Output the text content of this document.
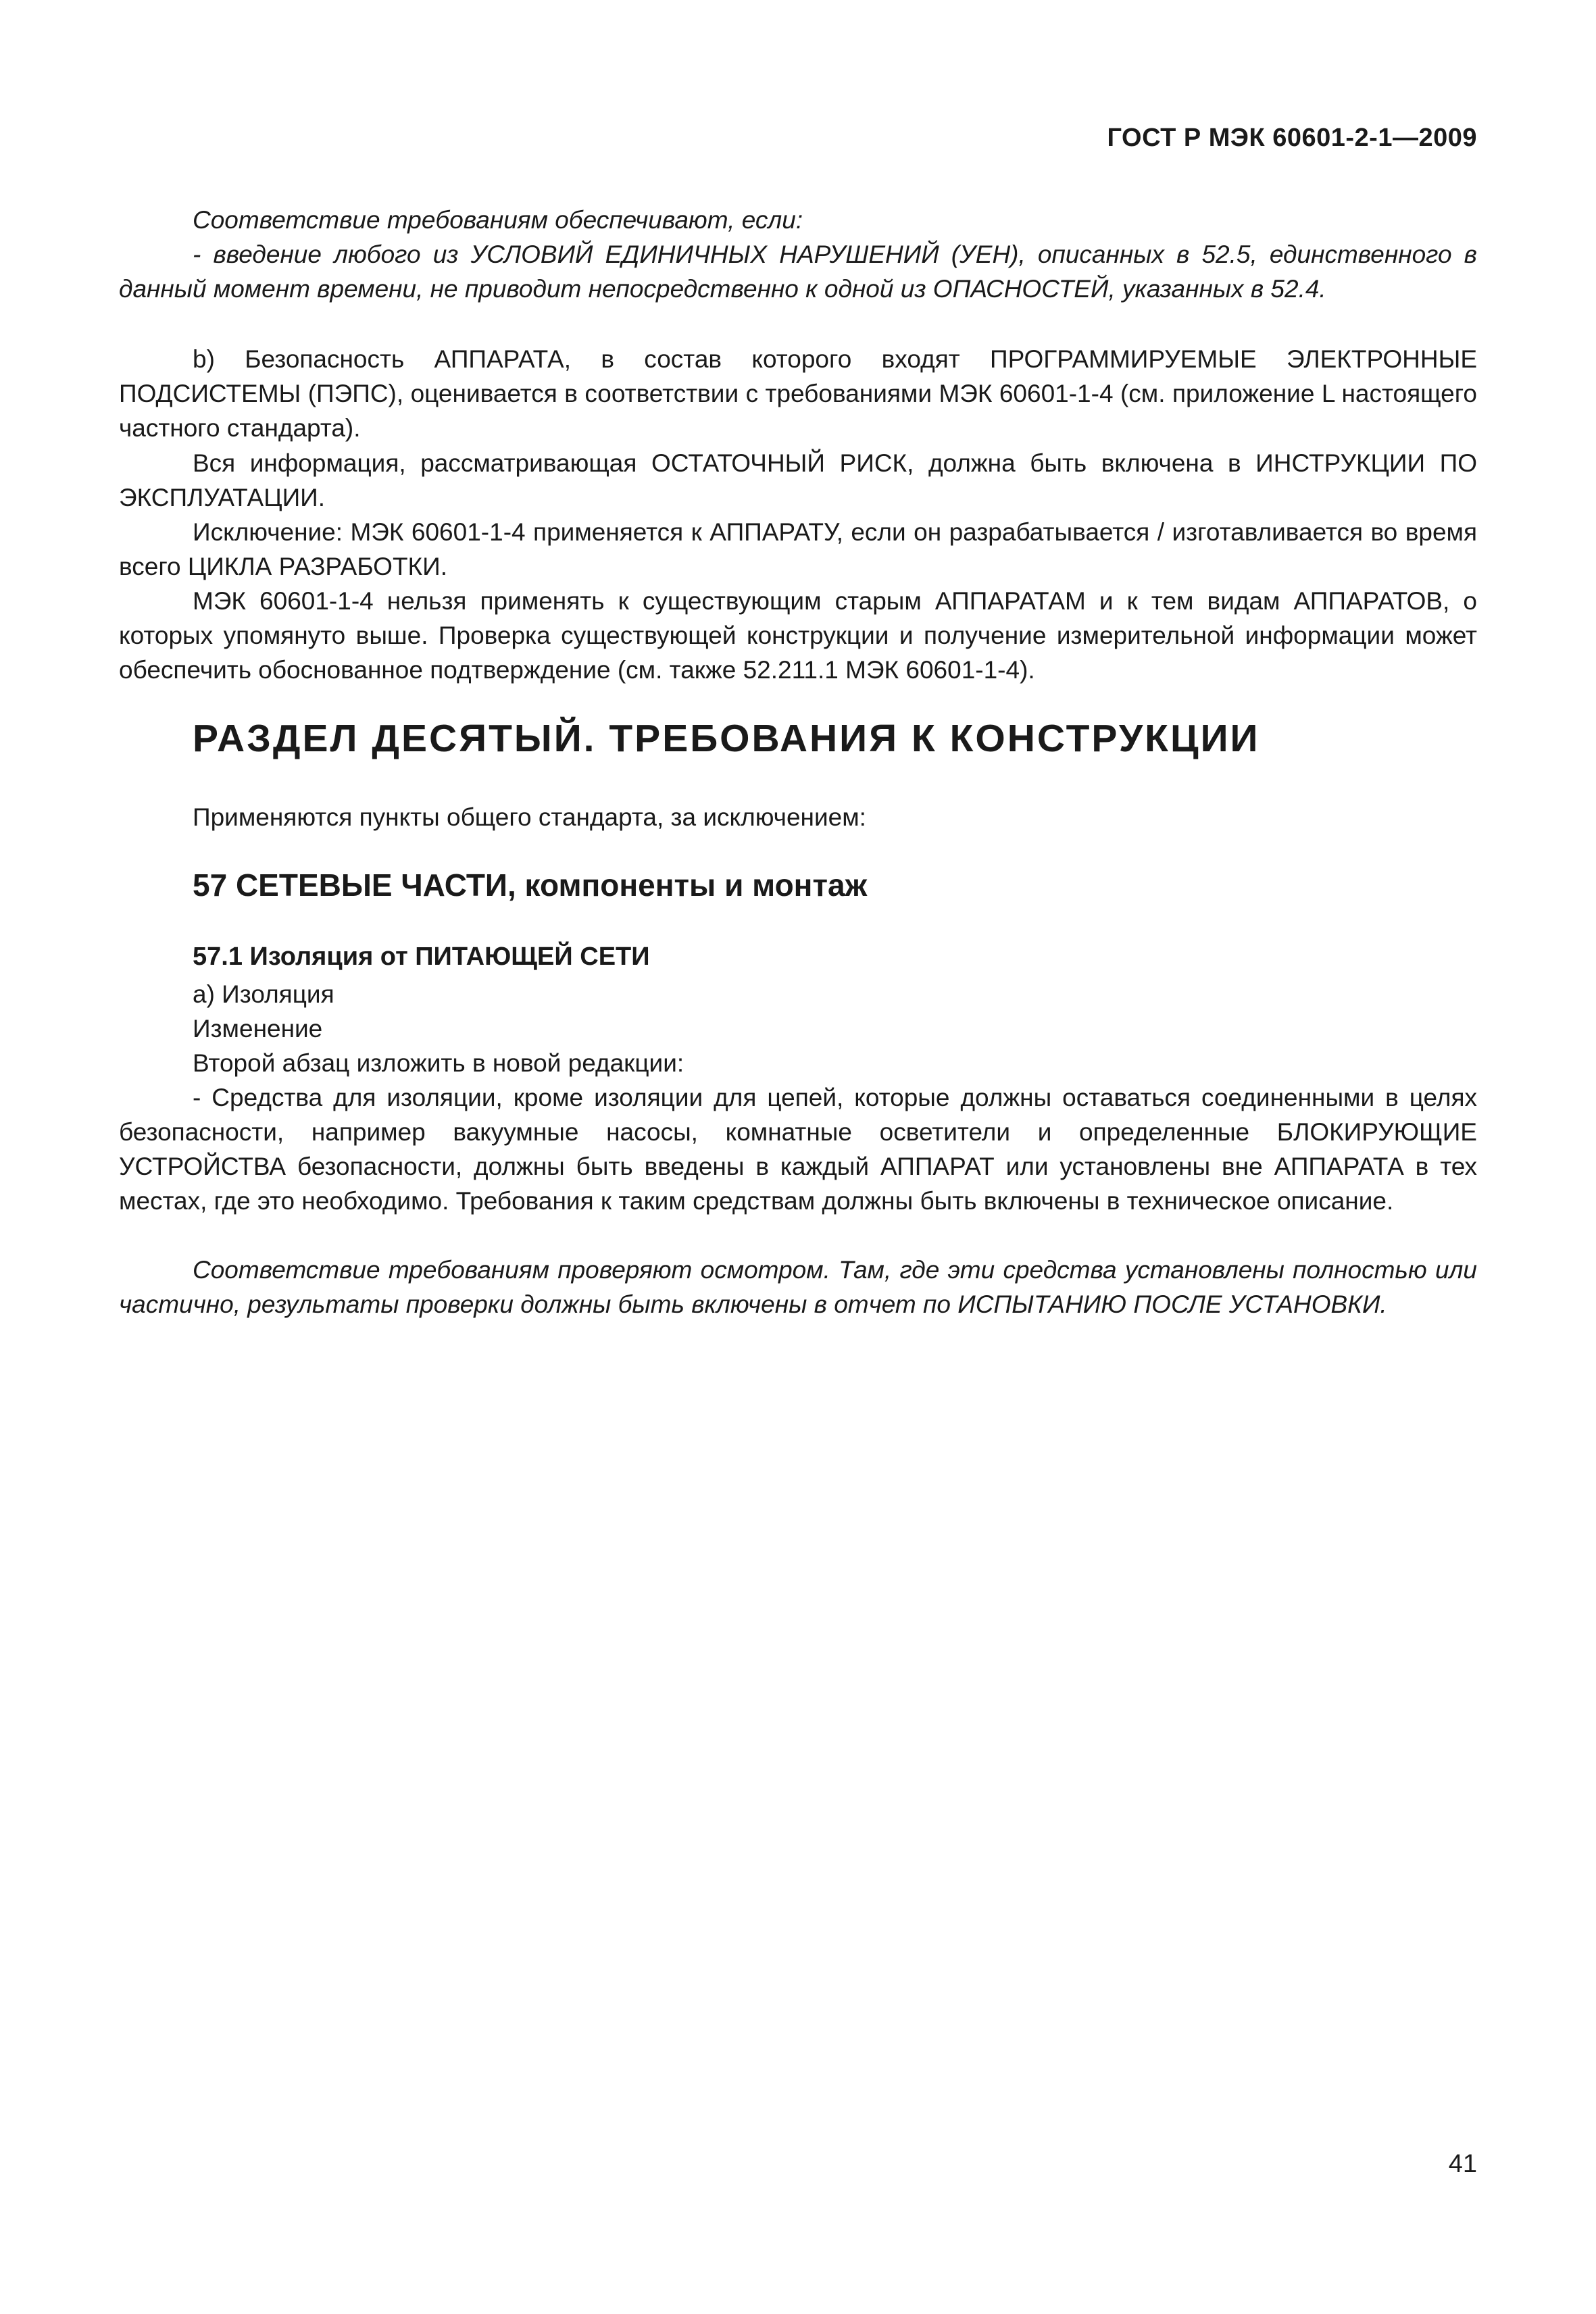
ГОСТ Р МЭК 60601-2-1—2009

Соответствие требованиям обеспечивают, если:

- введение любого из УСЛОВИЙ ЕДИНИЧНЫХ НАРУШЕНИЙ (УЕН), описанных в 52.5, единственного в данный момент времени, не приводит непосредственно к одной из ОПАСНОСТЕЙ, указанных в 52.4.

b) Безопасность АППАРАТА, в состав которого входят ПРОГРАММИРУЕМЫЕ ЭЛЕКТРОННЫЕ ПОДСИСТЕМЫ (ПЭПС), оценивается в соответствии с требованиями МЭК 60601-1-4 (см. приложение L настоящего частного стандарта).

Вся информация, рассматривающая ОСТАТОЧНЫЙ РИСК, должна быть включена в ИНСТРУКЦИИ ПО ЭКСПЛУАТАЦИИ.

Исключение: МЭК 60601-1-4 применяется к АППАРАТУ, если он разрабатывается / изготавливается во время всего ЦИКЛА РАЗРАБОТКИ.

МЭК 60601-1-4 нельзя применять к существующим старым АППАРАТАМ и к тем видам АППАРАТОВ, о которых упомянуто выше. Проверка существующей конструкции и получение измерительной информации может обеспечить обоснованное подтверждение (см. также 52.211.1 МЭК 60601-1-4).

РАЗДЕЛ ДЕСЯТЫЙ. ТРЕБОВАНИЯ К КОНСТРУКЦИИ
Применяются пункты общего стандарта, за исключением:
57 СЕТЕВЫЕ ЧАСТИ, компоненты и монтаж
57.1 Изоляция от ПИТАЮЩЕЙ СЕТИ
а) Изоляция
Изменение
Второй абзац изложить в новой редакции:

- Средства для изоляции, кроме изоляции для цепей, которые должны оставаться соединенными в целях безопасности, например вакуумные насосы, комнатные осветители и определенные БЛОКИРУЮЩИЕ УСТРОЙСТВА безопасности, должны быть введены в каждый АППАРАТ или установлены вне АППАРАТА в тех местах, где это необходимо. Требования к таким средствам должны быть включены в техническое описание.

Соответствие требованиям проверяют осмотром. Там, где эти средства установлены полностью или частично, результаты проверки должны быть включены в отчет по ИСПЫТАНИЮ ПОСЛЕ УСТАНОВКИ.

41
